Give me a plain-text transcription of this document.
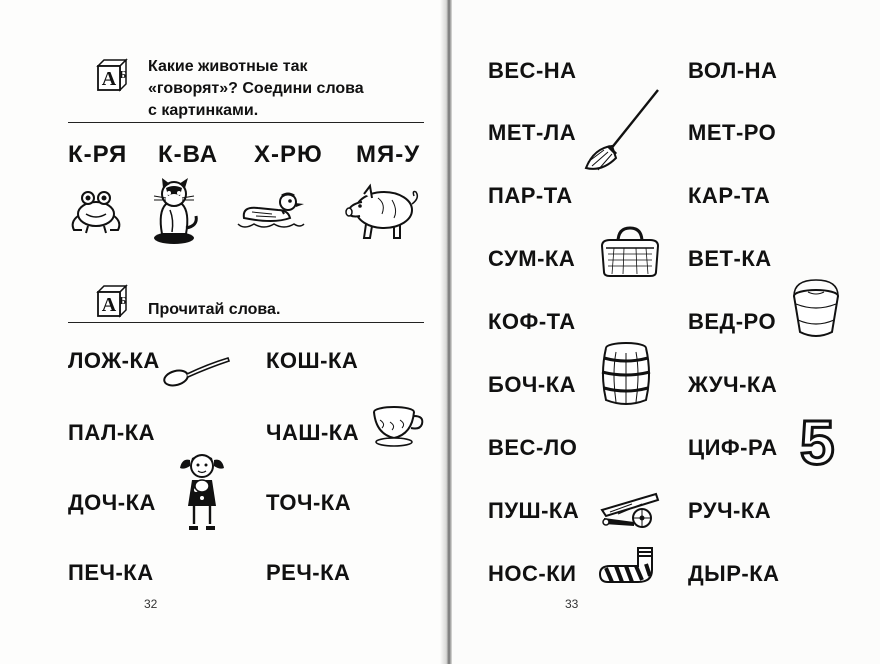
А Б
Какие животные так
«говорят»? Соедини слова
с картинками.
К-РЯ К-ВА Х-РЮ МЯ-У
А Б Прочитай слова.
ЛОЖ-КА
ПАЛ-КА
ДОЧ-КА
ПЕЧ-КА
КОШ-КА
ЧАШ-КА
ТОЧ-КА
РЕЧ-КА
32
ВЕС-НА
МЕТ-ЛА
ПАР-ТА
СУМ-КА
КОФ-ТА
БОЧ-КА
ВЕС-ЛО
ПУШ-КА
НОС-КИ
ВОЛ-НА
МЕТ-РО
КАР-ТА
ВЕТ-КА
ВЕД-РО
ЖУЧ-КА
ЦИФ-РА
РУЧ-КА
ДЫР-КА
5
33
